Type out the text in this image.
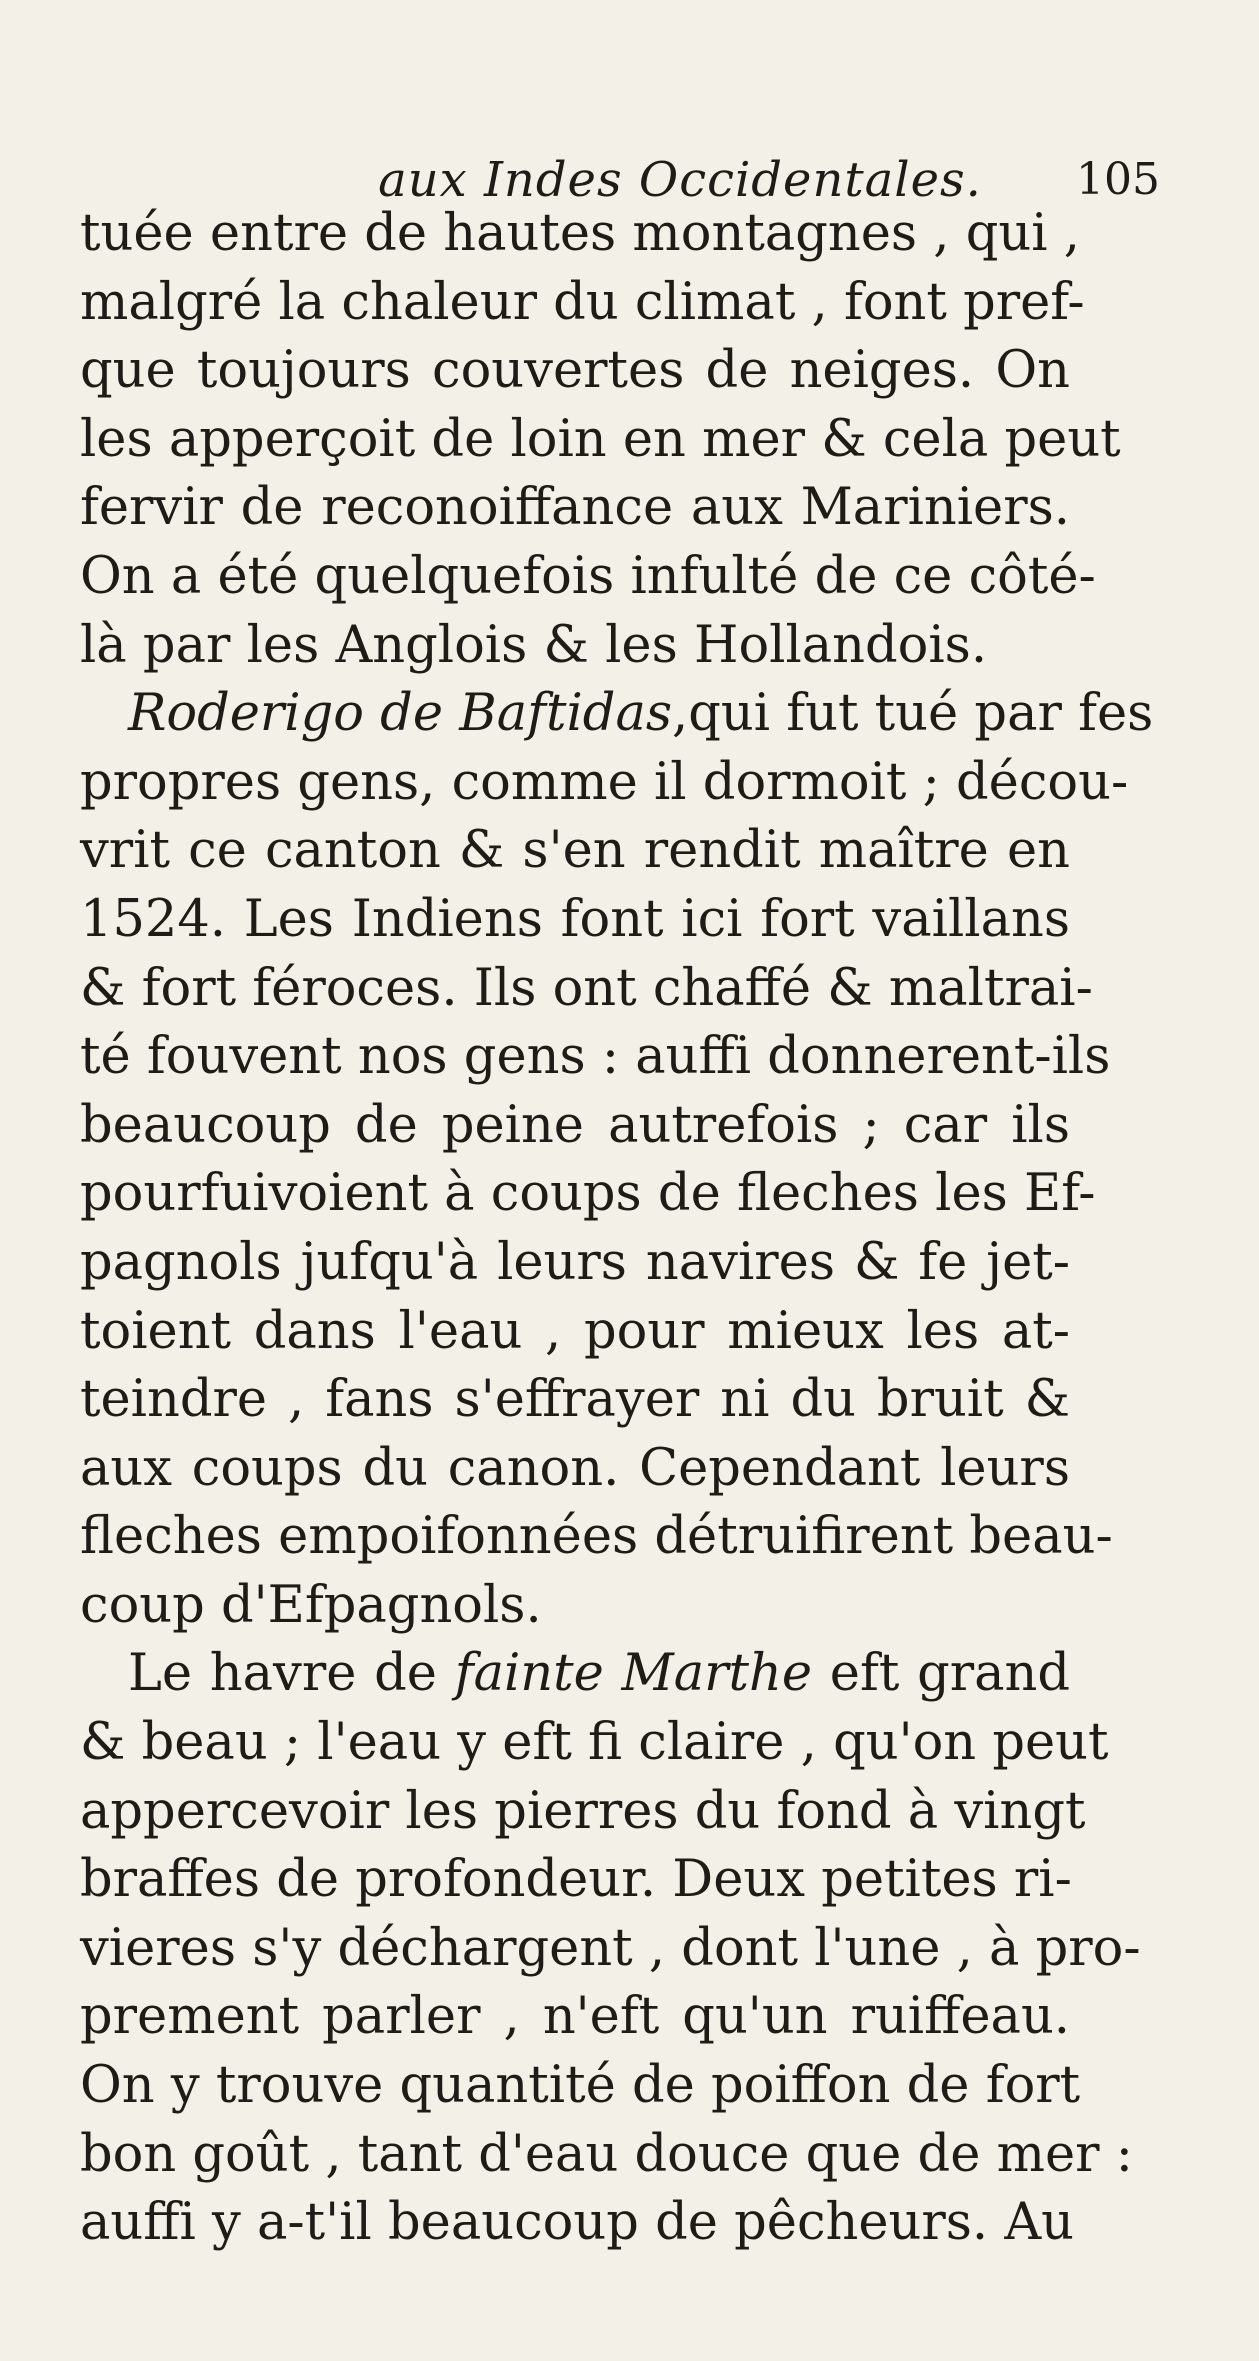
aux Indes Occidentales.	105
tuée entre de hautes montagnes , qui ,
malgré la chaleur du climat , font pref-
que toujours couvertes de neiges. On
les apperçoit de loin en mer & cela peut
fervir de reconoiffance aux Mariniers.
On a été quelquefois infulté de ce côté-
là par les Anglois & les Hollandois.
Roderigo de Baftidas,qui fut tué par fes
propres gens, comme il dormoit ; décou-
vrit ce canton & s'en rendit maître en
1524. Les Indiens font ici fort vaillans
& fort féroces. Ils ont chaffé & maltrai-
té fouvent nos gens : auffi donnerent-ils
beaucoup de peine autrefois ; car ils
pourfuivoient à coups de fleches les Ef-
pagnols jufqu'à leurs navires & fe jet-
toient dans l'eau , pour mieux les at-
teindre , fans s'effrayer ni du bruit &
aux coups du canon. Cependant leurs
fleches empoifonnées détruifirent beau-
coup d'Efpagnols.
Le havre de fainte Marthe eft grand
& beau ; l'eau y eft fi claire , qu'on peut
appercevoir les pierres du fond à vingt
braffes de profondeur. Deux petites ri-
vieres s'y déchargent , dont l'une , à pro-
prement parler , n'eft qu'un ruiffeau.
On y trouve quantité de poiffon de fort
bon goût , tant d'eau douce que de mer :
auffi y a-t'il beaucoup de pêcheurs. Au
